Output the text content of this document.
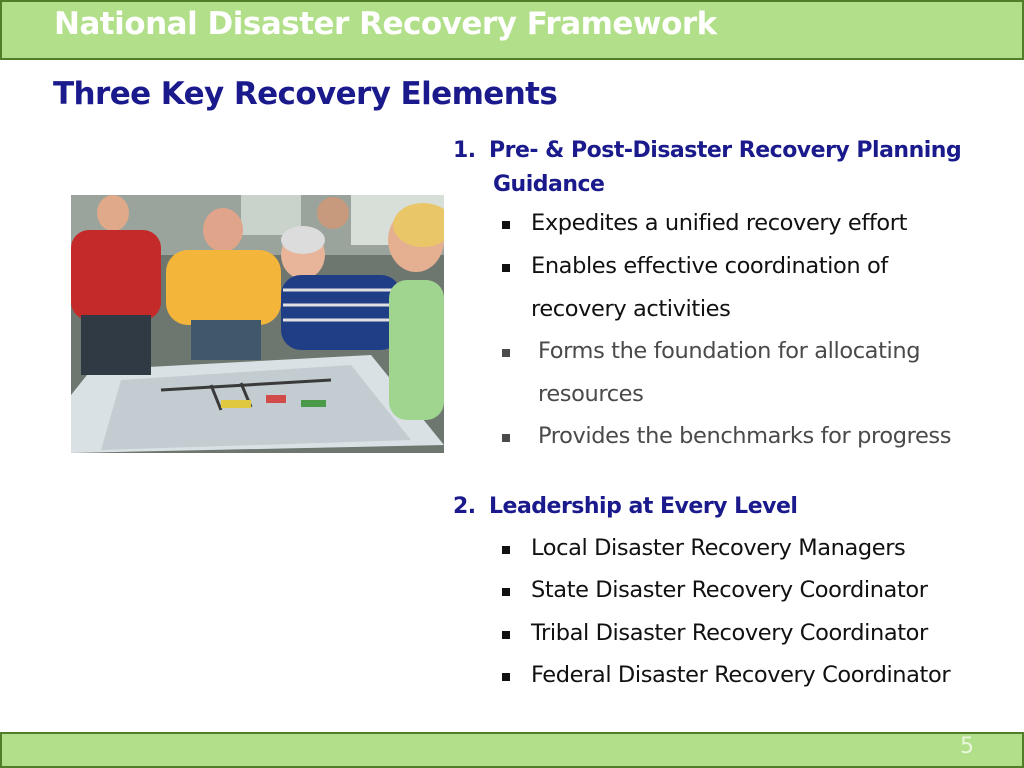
National Disaster Recovery Framework
Three Key Recovery Elements
1. Pre- & Post-Disaster Recovery Planning
Guidance
Expedites a unified recovery effort
Enables effective coordination of
recovery activities
Forms the foundation for allocating
resources
Provides the benchmarks for progress
2. Leadership at Every Level
Local Disaster Recovery Managers
State Disaster Recovery Coordinator
Tribal Disaster Recovery Coordinator
Federal Disaster Recovery Coordinator
5
